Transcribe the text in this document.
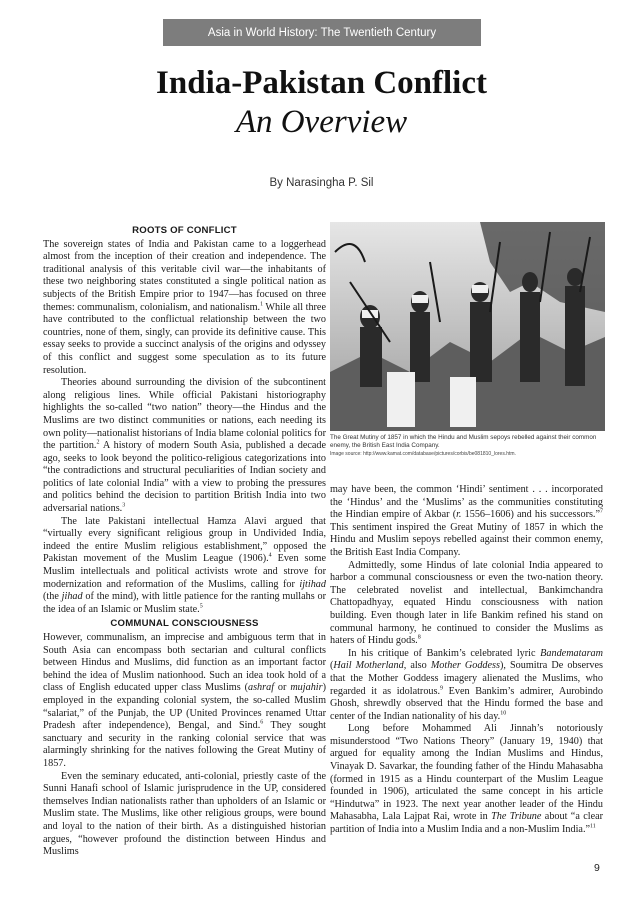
Asia in World History: The Twentieth Century
India-Pakistan Conflict
An Overview
By Narasingha P. Sil
ROOTS OF CONFLICT

The sovereign states of India and Pakistan came to a loggerhead almost from the inception of their creation and independence. The traditional analysis of this veritable civil war—the inhabitants of these two neighboring states constituted a single political nation as subjects of the British Empire prior to 1947—has focused on three themes: communalism, colonialism, and nationalism.$^1$ While all three have contributed to the conflictual relationship between the two countries, none of them, singly, can provide its definitive cause. This essay seeks to provide a succinct analysis of the origins and odyssey of this conflict and suggest some speculation as to its future resolution.

Theories abound surrounding the division of the subcontinent along religious lines. While official Pakistani historiography highlights the so-called “two nation” theory—the Hindus and the Muslims are two distinct communities or nations, each needing its own polity—nationalist historians of India blame colonial politics for the partition.$^2$ A history of modern South Asia, published a decade ago, seeks to look beyond the politico-religious categorizations into “the contradictions and structural peculiarities of Indian society and politics of late colonial India” with a view to probing the pressures and politics behind the decision to partition British India into two adversarial nations.$^3$

The late Pakistani intellectual Hamza Alavi argued that “virtually every significant religious group in Undivided India, indeed the entire Muslim religious establishment,” opposed the Pakistan movement of the Muslim League (1906).$^4$ Even some Muslim intellectuals and political activists wrote and strove for modernization and reformation of the Muslims, calling for ijtihad (the jihad of the mind), with little patience for the ranting mullahs or the idea of an Islamic or Muslim state.$^5$

COMMUNAL CONSCIOUSNESS

However, communalism, an imprecise and ambiguous term that in South Asia can encompass both sectarian and cultural conflicts between Hindus and Muslims, did function as an important factor behind the idea of Muslim nationhood. Such an idea took hold of a class of English educated upper class Muslims (ashraf or mujahir) employed in the expanding colonial system, the so-called Muslim “salariat,” of the Punjab, the UP (United Provinces renamed Uttar Pradesh after independence), Bengal, and Sind.$^6$ They sought sanctuary and security in the ranking colonial service that was alarmingly shrinking for the natives following the Great Mutiny of 1857.

Even the seminary educated, anti-colonial, priestly caste of the Sunni Hanafi school of Islamic jurisprudence in the UP, considered themselves Indian nationalists rather than upholders of an Islamic or Muslim state. The Muslims, like other religious groups, were bound and loyal to the nation of their birth. As a distinguished historian argues, “however profound the distinction between Hindus and Muslims

The Great Mutiny of 1857 in which the Hindu and Muslim sepoys rebelled against their common enemy, the British East India Company.
Image source: http://www.kamat.com/database/pictures/corbis/be081810_lores.htm.

may have been, the common ‘Hindi’ sentiment . . . incorporated the ‘Hindus’ and the ‘Muslims’ as the communities constituting the Hindian empire of Akbar (r. 1556–1606) and his successors.”$^7$ This sentiment inspired the Great Mutiny of 1857 in which the Hindu and Muslim sepoys rebelled against their common enemy, the British East India Company.

Admittedly, some Hindus of late colonial India appeared to harbor a communal consciousness or even the two-nation theory. The celebrated novelist and intellectual, Bankimchandra Chattopadhyay, equated Hindu consciousness with nation building. Even though later in life Bankim refined his stand on communal harmony, he continued to consider the Muslims as haters of Hindu gods.$^8$

In his critique of Bankim’s celebrated lyric Bandemataram (Hail Motherland, also Mother Goddess), Soumitra De observes that the Mother Goddess imagery alienated the Muslims, who regarded it as idolatrous.$^9$ Even Bankim’s admirer, Aurobindo Ghosh, shrewdly observed that the Hindu formed the base and center of the Indian nationality of his day.$^{10}$

Long before Mohammed Ali Jinnah’s notoriously misunderstood “Two Nations Theory” (January 19, 1940) that argued for equality among the Indian Muslims and Hindus, Vinayak D. Savarkar, the founding father of the Hindu Mahasabha (formed in 1915 as a Hindu counterpart of the Muslim League founded in 1906), articulated the same concept in his article “Hindutwa” in 1923. The next year another leader of the Hindu Mahasabha, Lala Lajpat Rai, wrote in The Tribune about “a clear partition of India into a Muslim India and a non-Muslim India.”$^{11}$

9
